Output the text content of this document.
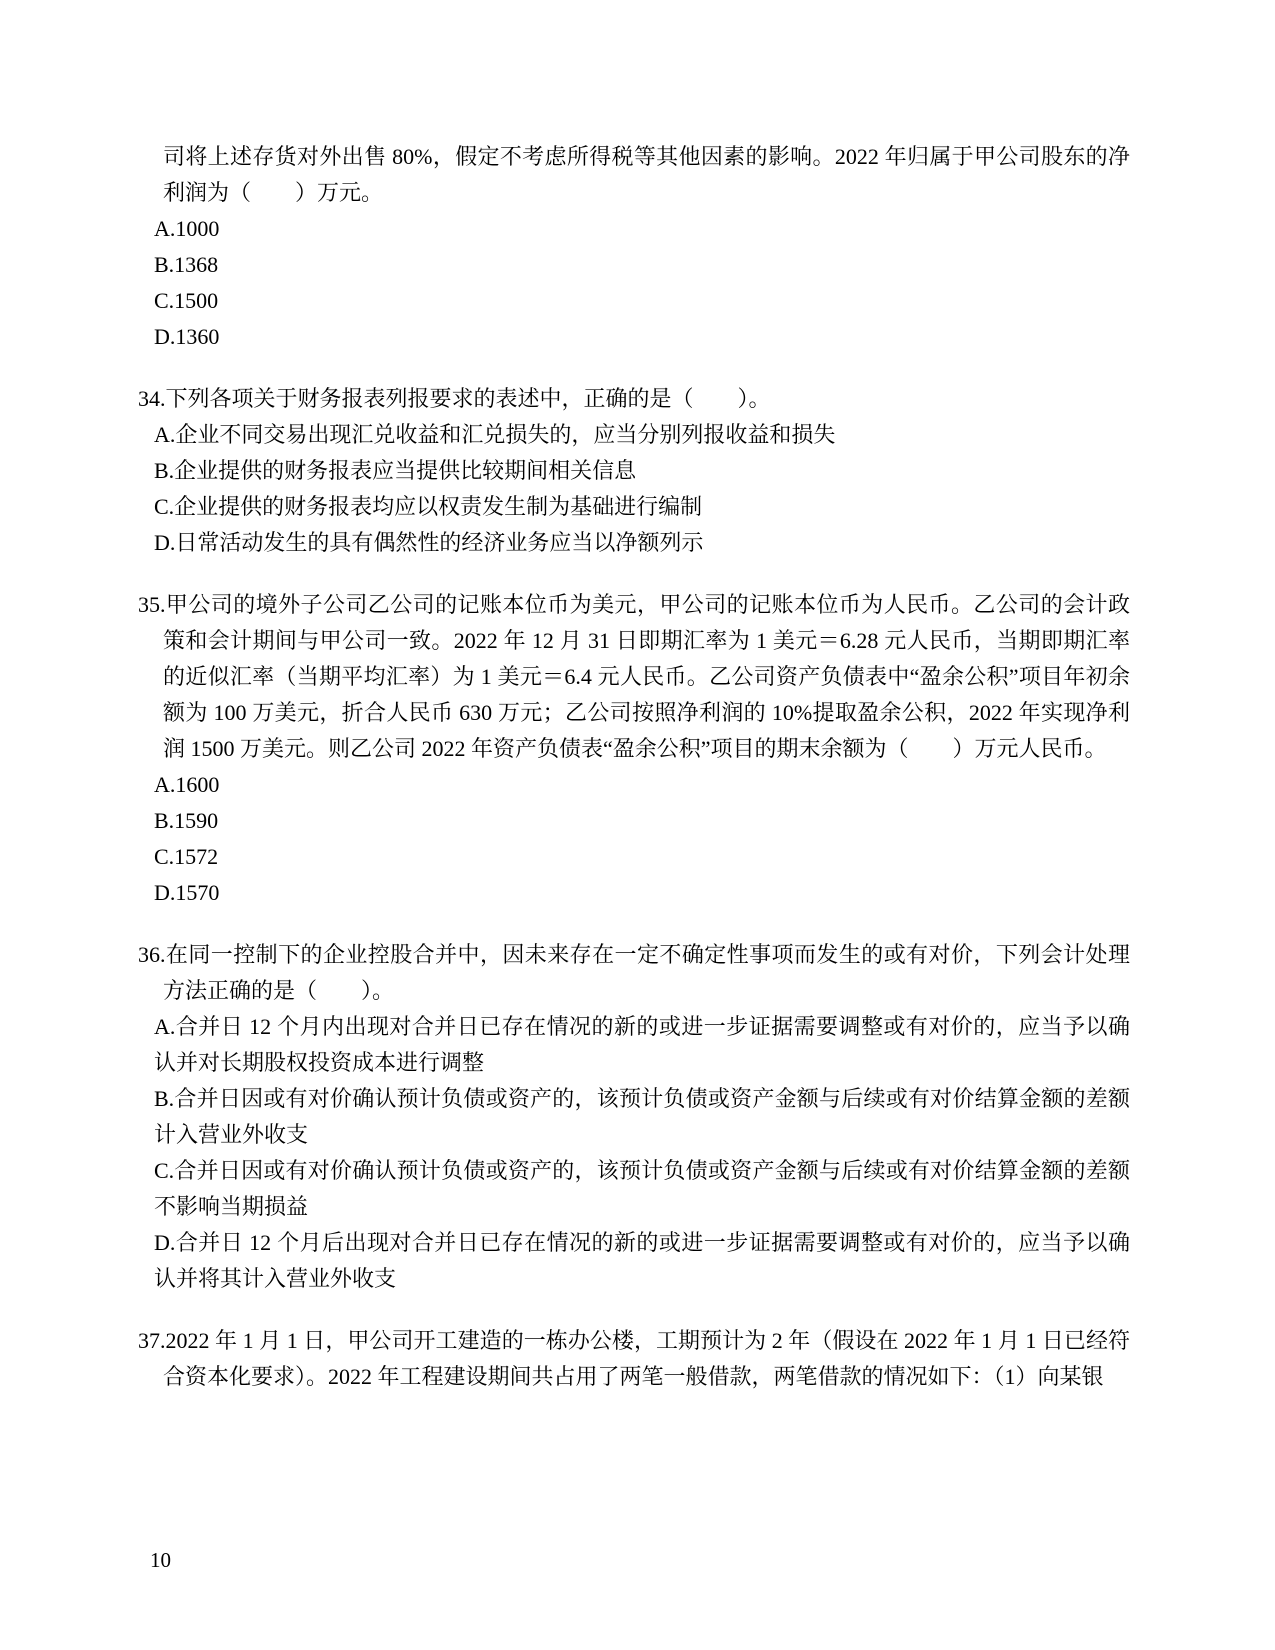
司将上述存货对外出售 80%，假定不考虑所得税等其他因素的影响。2022 年归属于甲公司股东的净利润为（　　）万元。

A.1000

B.1368

C.1500

D.1360

34.下列各项关于财务报表列报要求的表述中，正确的是（　　）。

A.企业不同交易出现汇兑收益和汇兑损失的，应当分别列报收益和损失

B.企业提供的财务报表应当提供比较期间相关信息

C.企业提供的财务报表均应以权责发生制为基础进行编制

D.日常活动发生的具有偶然性的经济业务应当以净额列示

35.甲公司的境外子公司乙公司的记账本位币为美元，甲公司的记账本位币为人民币。乙公司的会计政策和会计期间与甲公司一致。2022 年 12 月 31 日即期汇率为 1 美元＝6.28 元人民币，当期即期汇率的近似汇率（当期平均汇率）为 1 美元＝6.4 元人民币。乙公司资产负债表中“盈余公积”项目年初余额为 100 万美元，折合人民币 630 万元；乙公司按照净利润的 10%提取盈余公积，2022 年实现净利润 1500 万美元。则乙公司 2022 年资产负债表“盈余公积”项目的期末余额为（　　）万元人民币。

A.1600

B.1590

C.1572

D.1570

36.在同一控制下的企业控股合并中，因未来存在一定不确定性事项而发生的或有对价，下列会计处理方法正确的是（　　）。

A.合并日 12 个月内出现对合并日已存在情况的新的或进一步证据需要调整或有对价的，应当予以确认并对长期股权投资成本进行调整

B.合并日因或有对价确认预计负债或资产的，该预计负债或资产金额与后续或有对价结算金额的差额计入营业外收支

C.合并日因或有对价确认预计负债或资产的，该预计负债或资产金额与后续或有对价结算金额的差额不影响当期损益

D.合并日 12 个月后出现对合并日已存在情况的新的或进一步证据需要调整或有对价的，应当予以确认并将其计入营业外收支

37.2022 年 1 月 1 日，甲公司开工建造的一栋办公楼，工期预计为 2 年（假设在 2022 年 1 月 1 日已经符合资本化要求）。2022 年工程建设期间共占用了两笔一般借款，两笔借款的情况如下：（1）向某银

10
